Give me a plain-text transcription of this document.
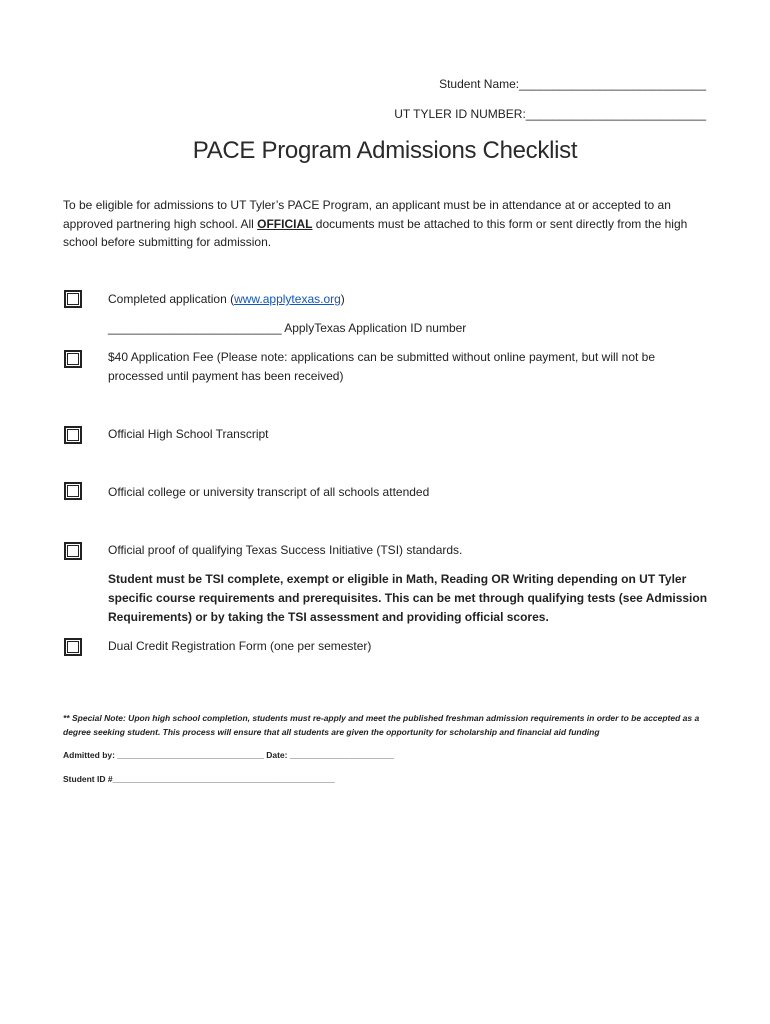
Student Name:____________________________
UT TYLER ID NUMBER:___________________________
PACE Program Admissions Checklist
To be eligible for admissions to UT Tyler’s PACE Program, an applicant must be in attendance at or accepted to an approved partnering high school. All OFFICIAL documents must be attached to this form or sent directly from the high school before submitting for admission.
Completed application (www.applytexas.org)
__________________________ ApplyTexas Application ID number
$40 Application Fee (Please note: applications can be submitted without online payment, but will not be processed until payment has been received)
Official High School Transcript
Official college or university transcript of all schools attended
Official proof of qualifying Texas Success Initiative (TSI) standards.
Student must be TSI complete, exempt or eligible in Math, Reading OR Writing depending on UT Tyler specific course requirements and prerequisites. This can be met through qualifying tests (see Admission Requirements) or by taking the TSI assessment and providing official scores.
Dual Credit Registration Form (one per semester)
** Special Note: Upon high school completion, students must re-apply and meet the published freshman admission requirements in order to be accepted as a degree seeking student. This process will ensure that all students are given the opportunity for scholarship and financial aid funding
Admitted by: _______________________________ Date: ______________________
Student ID #_______________________________________________
